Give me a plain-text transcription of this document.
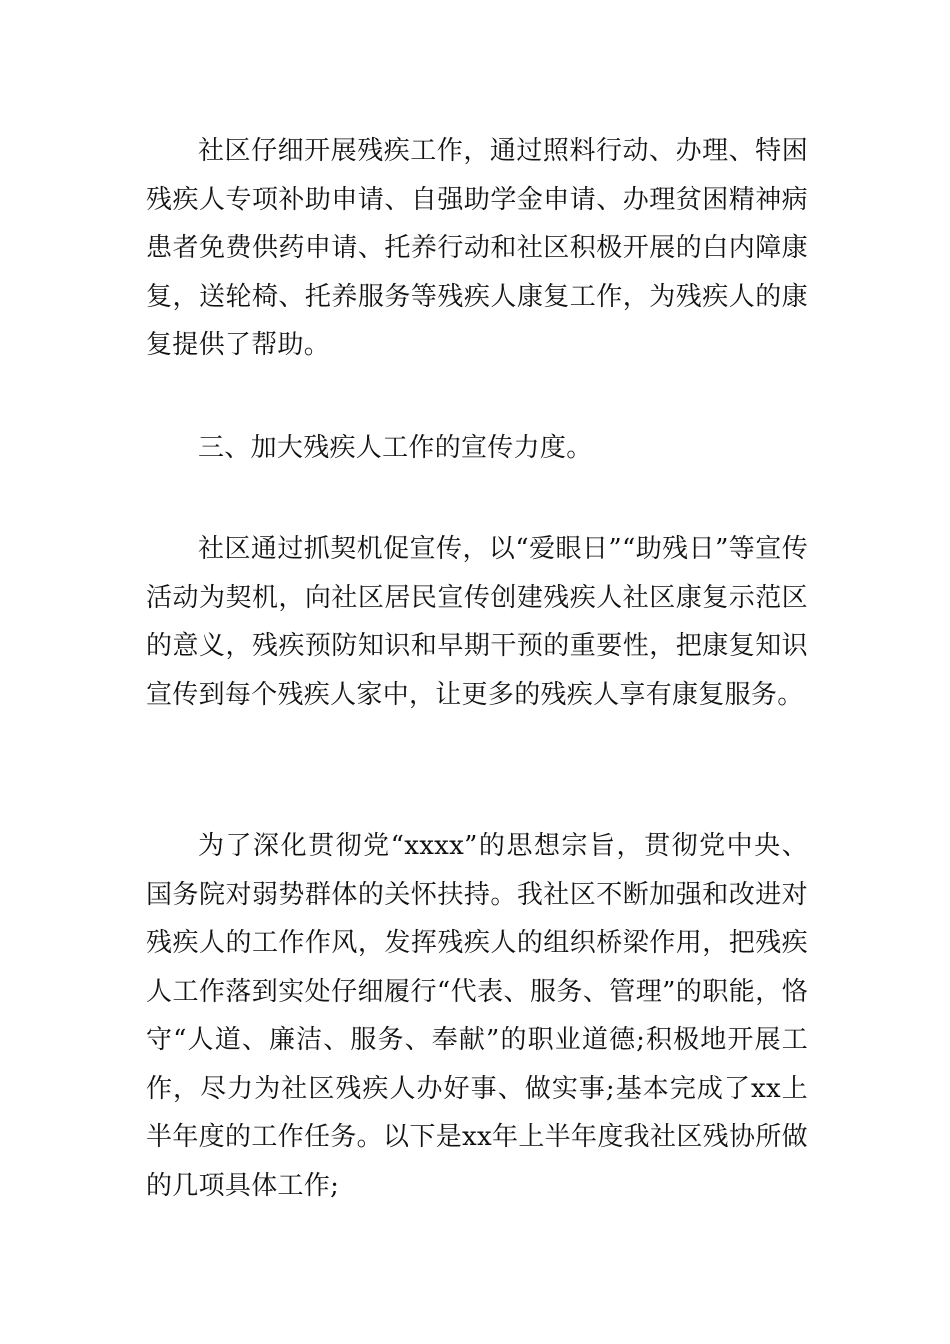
社区仔细开展残疾工作，通过照料行动、办理、特困残疾人专项补助申请、自强助学金申请、办理贫困精神病患者免费供药申请、托养行动和社区积极开展的白内障康复，送轮椅、托养服务等残疾人康复工作，为残疾人的康复提供了帮助。

三、加大残疾人工作的宣传力度。

社区通过抓契机促宣传，以“爱眼日”“助残日”等宣传活动为契机，向社区居民宣传创建残疾人社区康复示范区的意义，残疾预防知识和早期干预的重要性，把康复知识宣传到每个残疾人家中，让更多的残疾人享有康复服务。

为了深化贯彻党“xxxx”的思想宗旨，贯彻党中央、国务院对弱势群体的关怀扶持。我社区不断加强和改进对残疾人的工作作风，发挥残疾人的组织桥梁作用，把残疾人工作落到实处仔细履行“代表、服务、管理”的职能，恪守“人道、廉洁、服务、奉献”的职业道德;积极地开展工作，尽力为社区残疾人办好事、做实事;基本完成了xx上半年度的工作任务。以下是xx年上半年度我社区残协所做的几项具体工作;
